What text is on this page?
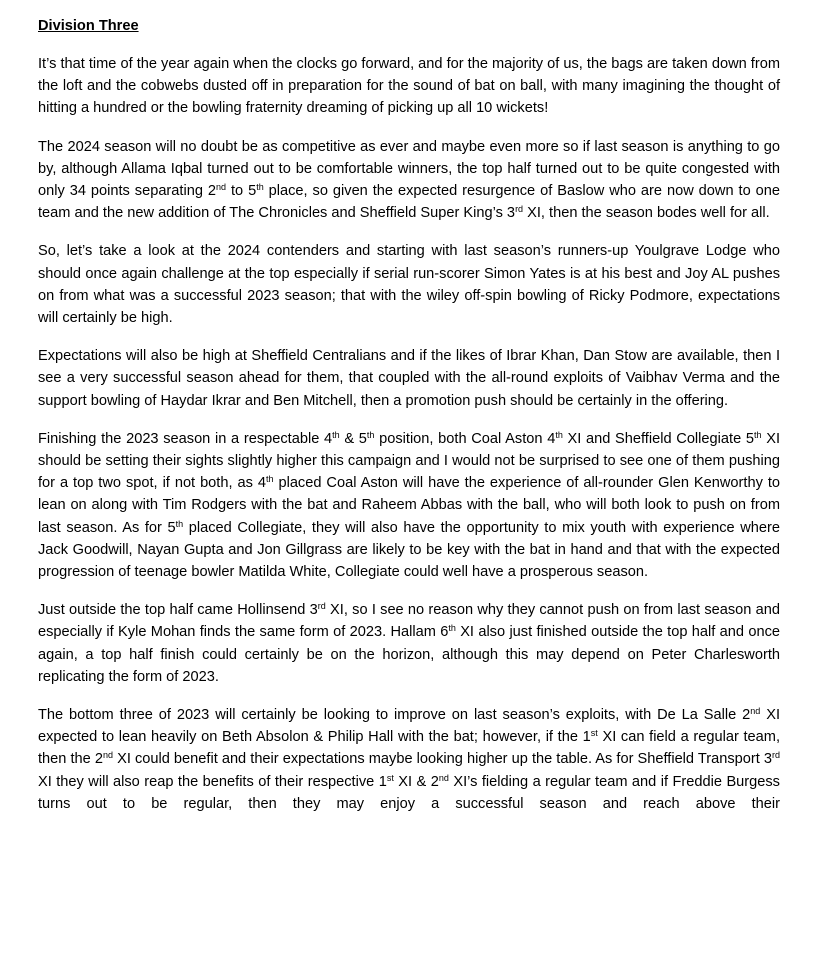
Division Three

It’s that time of the year again when the clocks go forward, and for the majority of us, the bags are taken down from the loft and the cobwebs dusted off in preparation for the sound of bat on ball, with many imagining the thought of hitting a hundred or the bowling fraternity dreaming of picking up all 10 wickets!

The 2024 season will no doubt be as competitive as ever and maybe even more so if last season is anything to go by, although Allama Iqbal turned out to be comfortable winners, the top half turned out to be quite congested with only 34 points separating 2nd to 5th place, so given the expected resurgence of Baslow who are now down to one team and the new addition of The Chronicles and Sheffield Super King’s 3rd XI, then the season bodes well for all.

So, let’s take a look at the 2024 contenders and starting with last season’s runners-up Youlgrave Lodge who should once again challenge at the top especially if serial run-scorer Simon Yates is at his best and Joy AL pushes on from what was a successful 2023 season; that with the wiley off-spin bowling of Ricky Podmore, expectations will certainly be high.

Expectations will also be high at Sheffield Centralians and if the likes of Ibrar Khan, Dan Stow are available, then I see a very successful season ahead for them, that coupled with the all-round exploits of Vaibhav Verma and the support bowling of Haydar Ikrar and Ben Mitchell, then a promotion push should be certainly in the offering.

Finishing the 2023 season in a respectable 4th & 5th position, both Coal Aston 4th XI and Sheffield Collegiate 5th XI should be setting their sights slightly higher this campaign and I would not be surprised to see one of them pushing for a top two spot, if not both, as 4th placed Coal Aston will have the experience of all-rounder Glen Kenworthy to lean on along with Tim Rodgers with the bat and Raheem Abbas with the ball, who will both look to push on from last season. As for 5th placed Collegiate, they will also have the opportunity to mix youth with experience where Jack Goodwill, Nayan Gupta and Jon Gillgrass are likely to be key with the bat in hand and that with the expected progression of teenage bowler Matilda White, Collegiate could well have a prosperous season.

Just outside the top half came Hollinsend 3rd XI, so I see no reason why they cannot push on from last season and especially if Kyle Mohan finds the same form of 2023. Hallam 6th XI also just finished outside the top half and once again, a top half finish could certainly be on the horizon, although this may depend on Peter Charlesworth replicating the form of 2023.

The bottom three of 2023 will certainly be looking to improve on last season’s exploits, with De La Salle 2nd XI expected to lean heavily on Beth Absolon & Philip Hall with the bat; however, if the 1st XI can field a regular team, then the 2nd XI could benefit and their expectations maybe looking higher up the table. As for Sheffield Transport 3rd XI they will also reap the benefits of their respective 1st XI & 2nd XI’s fielding a regular team and if Freddie Burgess turns out to be regular, then they may enjoy a successful season and reach above their
